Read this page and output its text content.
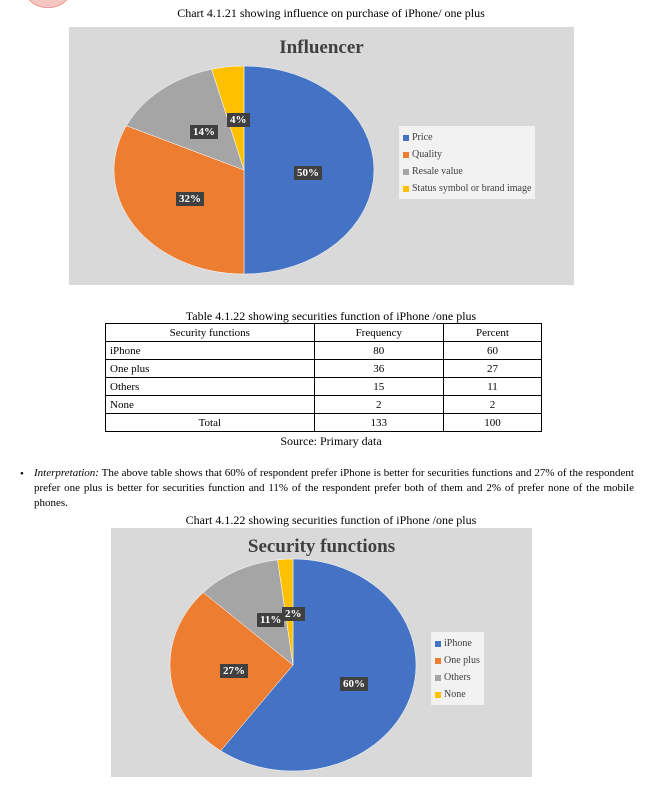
Chart 4.1.21 showing influence on purchase of iPhone/ one plus
Influencer
50%
32%
14%
4%
Price
Quality
Resale value
Status symbol or brand image
Table 4.1.22 showing securities function of iPhone /one plus
Security functions	Frequency	Percent
iPhone	80	60
One plus	36	27
Others	15	11
None	2	2
Total	133	100
Source: Primary data
• Interpretation: The above table shows that 60% of respondent prefer iPhone is better for securities functions and 27% of the respondent prefer one plus is better for securities function and 11% of the respondent prefer both of them and 2% of prefer none of the mobile phones.
Chart 4.1.22 showing securities function of iPhone /one plus
Security functions
60%
27%
11% 2%
iPhone
One plus
Others
None
